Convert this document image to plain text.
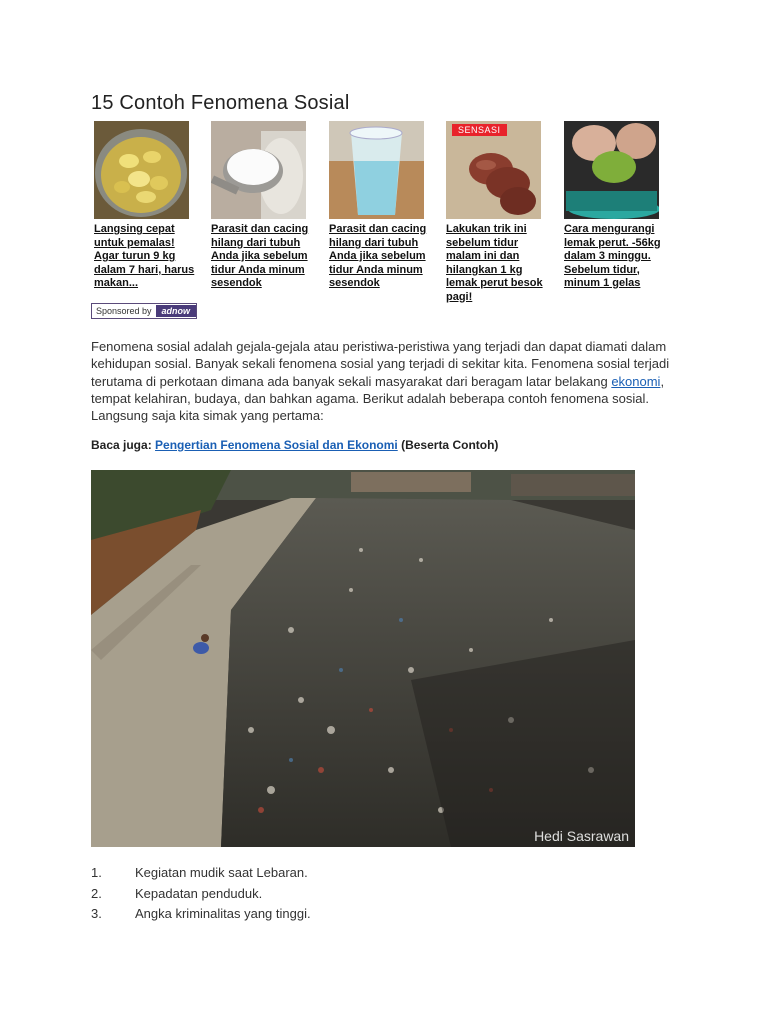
15 Contoh Fenomena Sosial
Langsing cepat untuk pemalas! Agar turun 9 kg dalam 7 hari, harus makan...
Parasit dan cacing hilang dari tubuh Anda jika sebelum tidur Anda minum sesendok
Parasit dan cacing hilang dari tubuh Anda jika sebelum tidur Anda minum sesendok
SENSASI
Lakukan trik ini sebelum tidur malam ini dan hilangkan 1 kg lemak perut besok pagi!
Cara mengurangi lemak perut. -56kg dalam 3 minggu. Sebelum tidur, minum 1 gelas
Sponsored by	adnow

Fenomena sosial adalah gejala-gejala atau peristiwa-peristiwa yang terjadi dan dapat diamati dalam kehidupan sosial. Banyak sekali fenomena sosial yang terjadi di sekitar kita. Fenomena sosial terjadi terutama di perkotaan dimana ada banyak sekali masyarakat dari beragam latar belakang ekonomi, tempat kelahiran, budaya, dan bahkan agama. Berikut adalah beberapa contoh fenomena sosial. Langsung saja kita simak yang pertama:

Baca juga: Pengertian Fenomena Sosial dan Ekonomi (Beserta Contoh)
Hedi Sasrawan
1.	Kegiatan mudik saat Lebaran.
2.	Kepadatan penduduk.
3.	Angka kriminalitas yang tinggi.
